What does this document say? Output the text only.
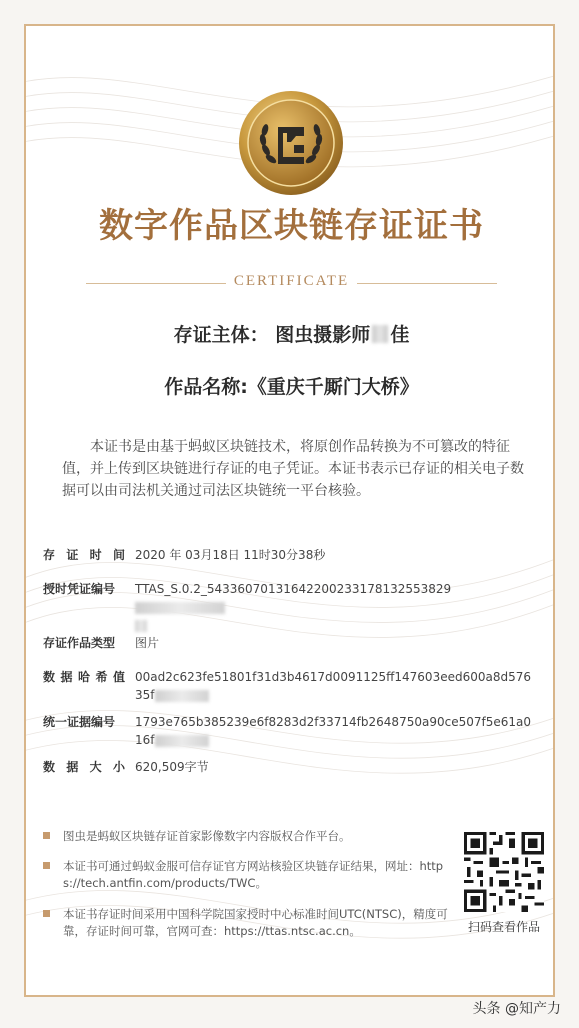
数字作品区块链存证证书
CERTIFICATE
存证主体： 图虫摄影师 佳
作品名称:《重庆千厮门大桥》
本证书是由基于蚂蚁区块链技术，将原创作品转换为不可篡改的特征值，并上传到区块链进行存证的电子凭证。本证书表示已存证的相关电子数据可以由司法机关通过司法区块链统一平台核验。
存证时间 2020 年 03月18日 11时30分38秒
授时凭证编号	TTAS_S.0.2_54336070131642200233178132553829

存证作品类型	图片
数据哈希值 00ad2c623fe51801f31d3b4617d0091125ff147603eed600a8d57635f
统一证据编号	1793e765b385239e6f8283d2f33714fb2648750a90ce507f5e61a016f
数据大小 620,509字节
图虫是蚂蚁区块链存证首家影像数字内容版权合作平台。
本证书可通过蚂蚁金服可信存证官方网站核验区块链存证结果，网址：https://tech.antfin.com/products/TWC。
本证书存证时间采用中国科学院国家授时中心标准时间UTC(NTSC)，精度可靠，存证时间可靠，官网可查：https://ttas.ntsc.ac.cn。	扫码查看作品
头条 @知产力
